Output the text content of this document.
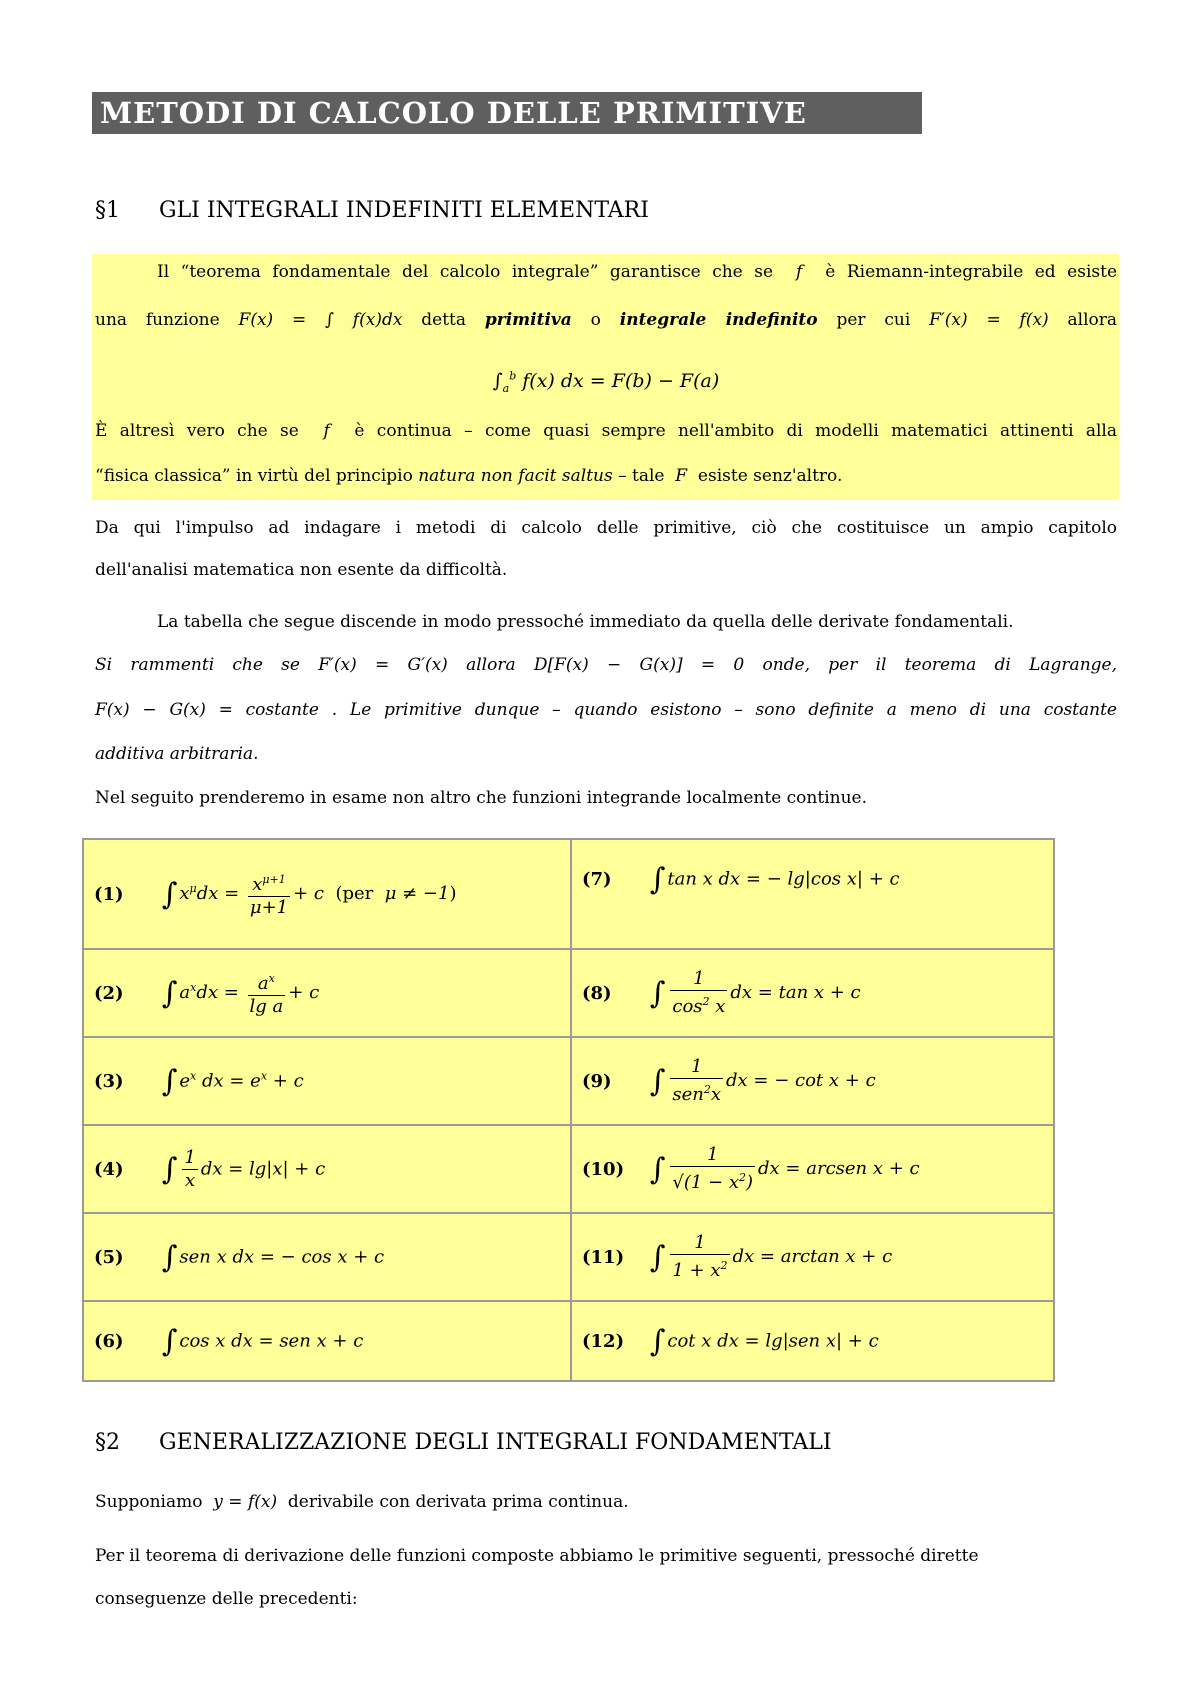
METODI DI CALCOLO DELLE PRIMITIVE
§1 GLI INTEGRALI INDEFINITI ELEMENTARI
Il “teorema fondamentale del calcolo integrale” garantisce che se  f  è Riemann-integrabile ed esiste
una funzione F(x) = ∫ f(x)dx detta primitiva o integrale indefinito per cui F′(x) = f(x) allora
$\int_a^b$ f(x) dx = F(b) − F(a)
È altresì vero che se  f  è continua – come quasi sempre nell'ambito di modelli matematici attinenti alla
“fisica classica” in virtù del principio natura non facit saltus – tale  F  esiste senz'altro.
Da qui l'impulso ad indagare i metodi di calcolo delle primitive, ciò che costituisce un ampio capitolo
dell'analisi matematica non esente da difficoltà.
La tabella che segue discende in modo pressoché immediato da quella delle derivate fondamentali.
Si rammenti che se F′(x) = G′(x) allora D[F(x) − G(x)] = 0 onde, per il teorema di Lagrange,
F(x) − G(x) = costante . Le primitive dunque – quando esistono – sono definite a meno di una costante
additiva arbitraria.
Nel seguito prenderemo in esame non altro che funzioni integrande localmente continue.
(1) ∫ $x^\mu dx = \frac{x^{\mu+1}}{\mu+1} + c$  (per  μ ≠ −1)	(7) ∫ tan x dx = − lg|cos x| + c
(2) ∫ $a^xdx = \frac{a^x}{\text{lg a}} + c$	(8) ∫ $\frac{1}{\cos^2 x}$ dx = tan x + c
(3) ∫ $e^x$ dx = $e^x + c$	(9) ∫ $\frac{1}{sen^2x}$ dx = − cot x + c
(4) ∫ $\frac{1}{x}$ dx = lg|x| + c	(10) ∫ $\frac{1}{√(1 - x^2)}$ dx = arcsen x + c
(5) ∫ sen x dx = − cos x + c	(11) ∫ $\frac{1}{1 + x^2}$ dx = arctan x + c
(6) ∫ cos x dx = sen x + c	(12) ∫ cot x dx = lg|sen x| + c
§2 GENERALIZZAZIONE DEGLI INTEGRALI FONDAMENTALI
Supponiamo  y = f(x)  derivabile con derivata prima continua.
Per il teorema di derivazione delle funzioni composte abbiamo le primitive seguenti, pressoché dirette
conseguenze delle precedenti:
